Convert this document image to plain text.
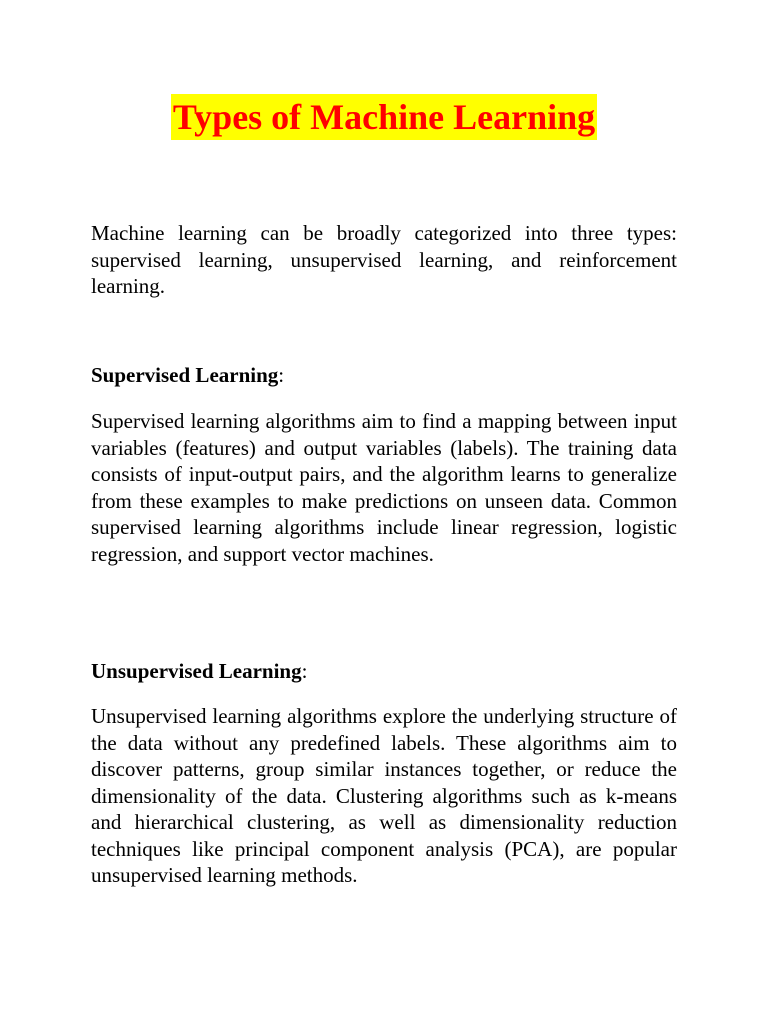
Types of Machine Learning

Machine learning can be broadly categorized into three types: supervised learning, unsupervised learning, and reinforcement learning.

Supervised Learning:

Supervised learning algorithms aim to find a mapping between input variables (features) and output variables (labels). The training data consists of input-output pairs, and the algorithm learns to generalize from these examples to make predictions on unseen data. Common supervised learning algorithms include linear regression, logistic regression, and support vector machines.

Unsupervised Learning:

Unsupervised learning algorithms explore the underlying structure of the data without any predefined labels. These algorithms aim to discover patterns, group similar instances together, or reduce the dimensionality of the data. Clustering algorithms such as k-means and hierarchical clustering, as well as dimensionality reduction techniques like principal component analysis (PCA), are popular unsupervised learning methods.
